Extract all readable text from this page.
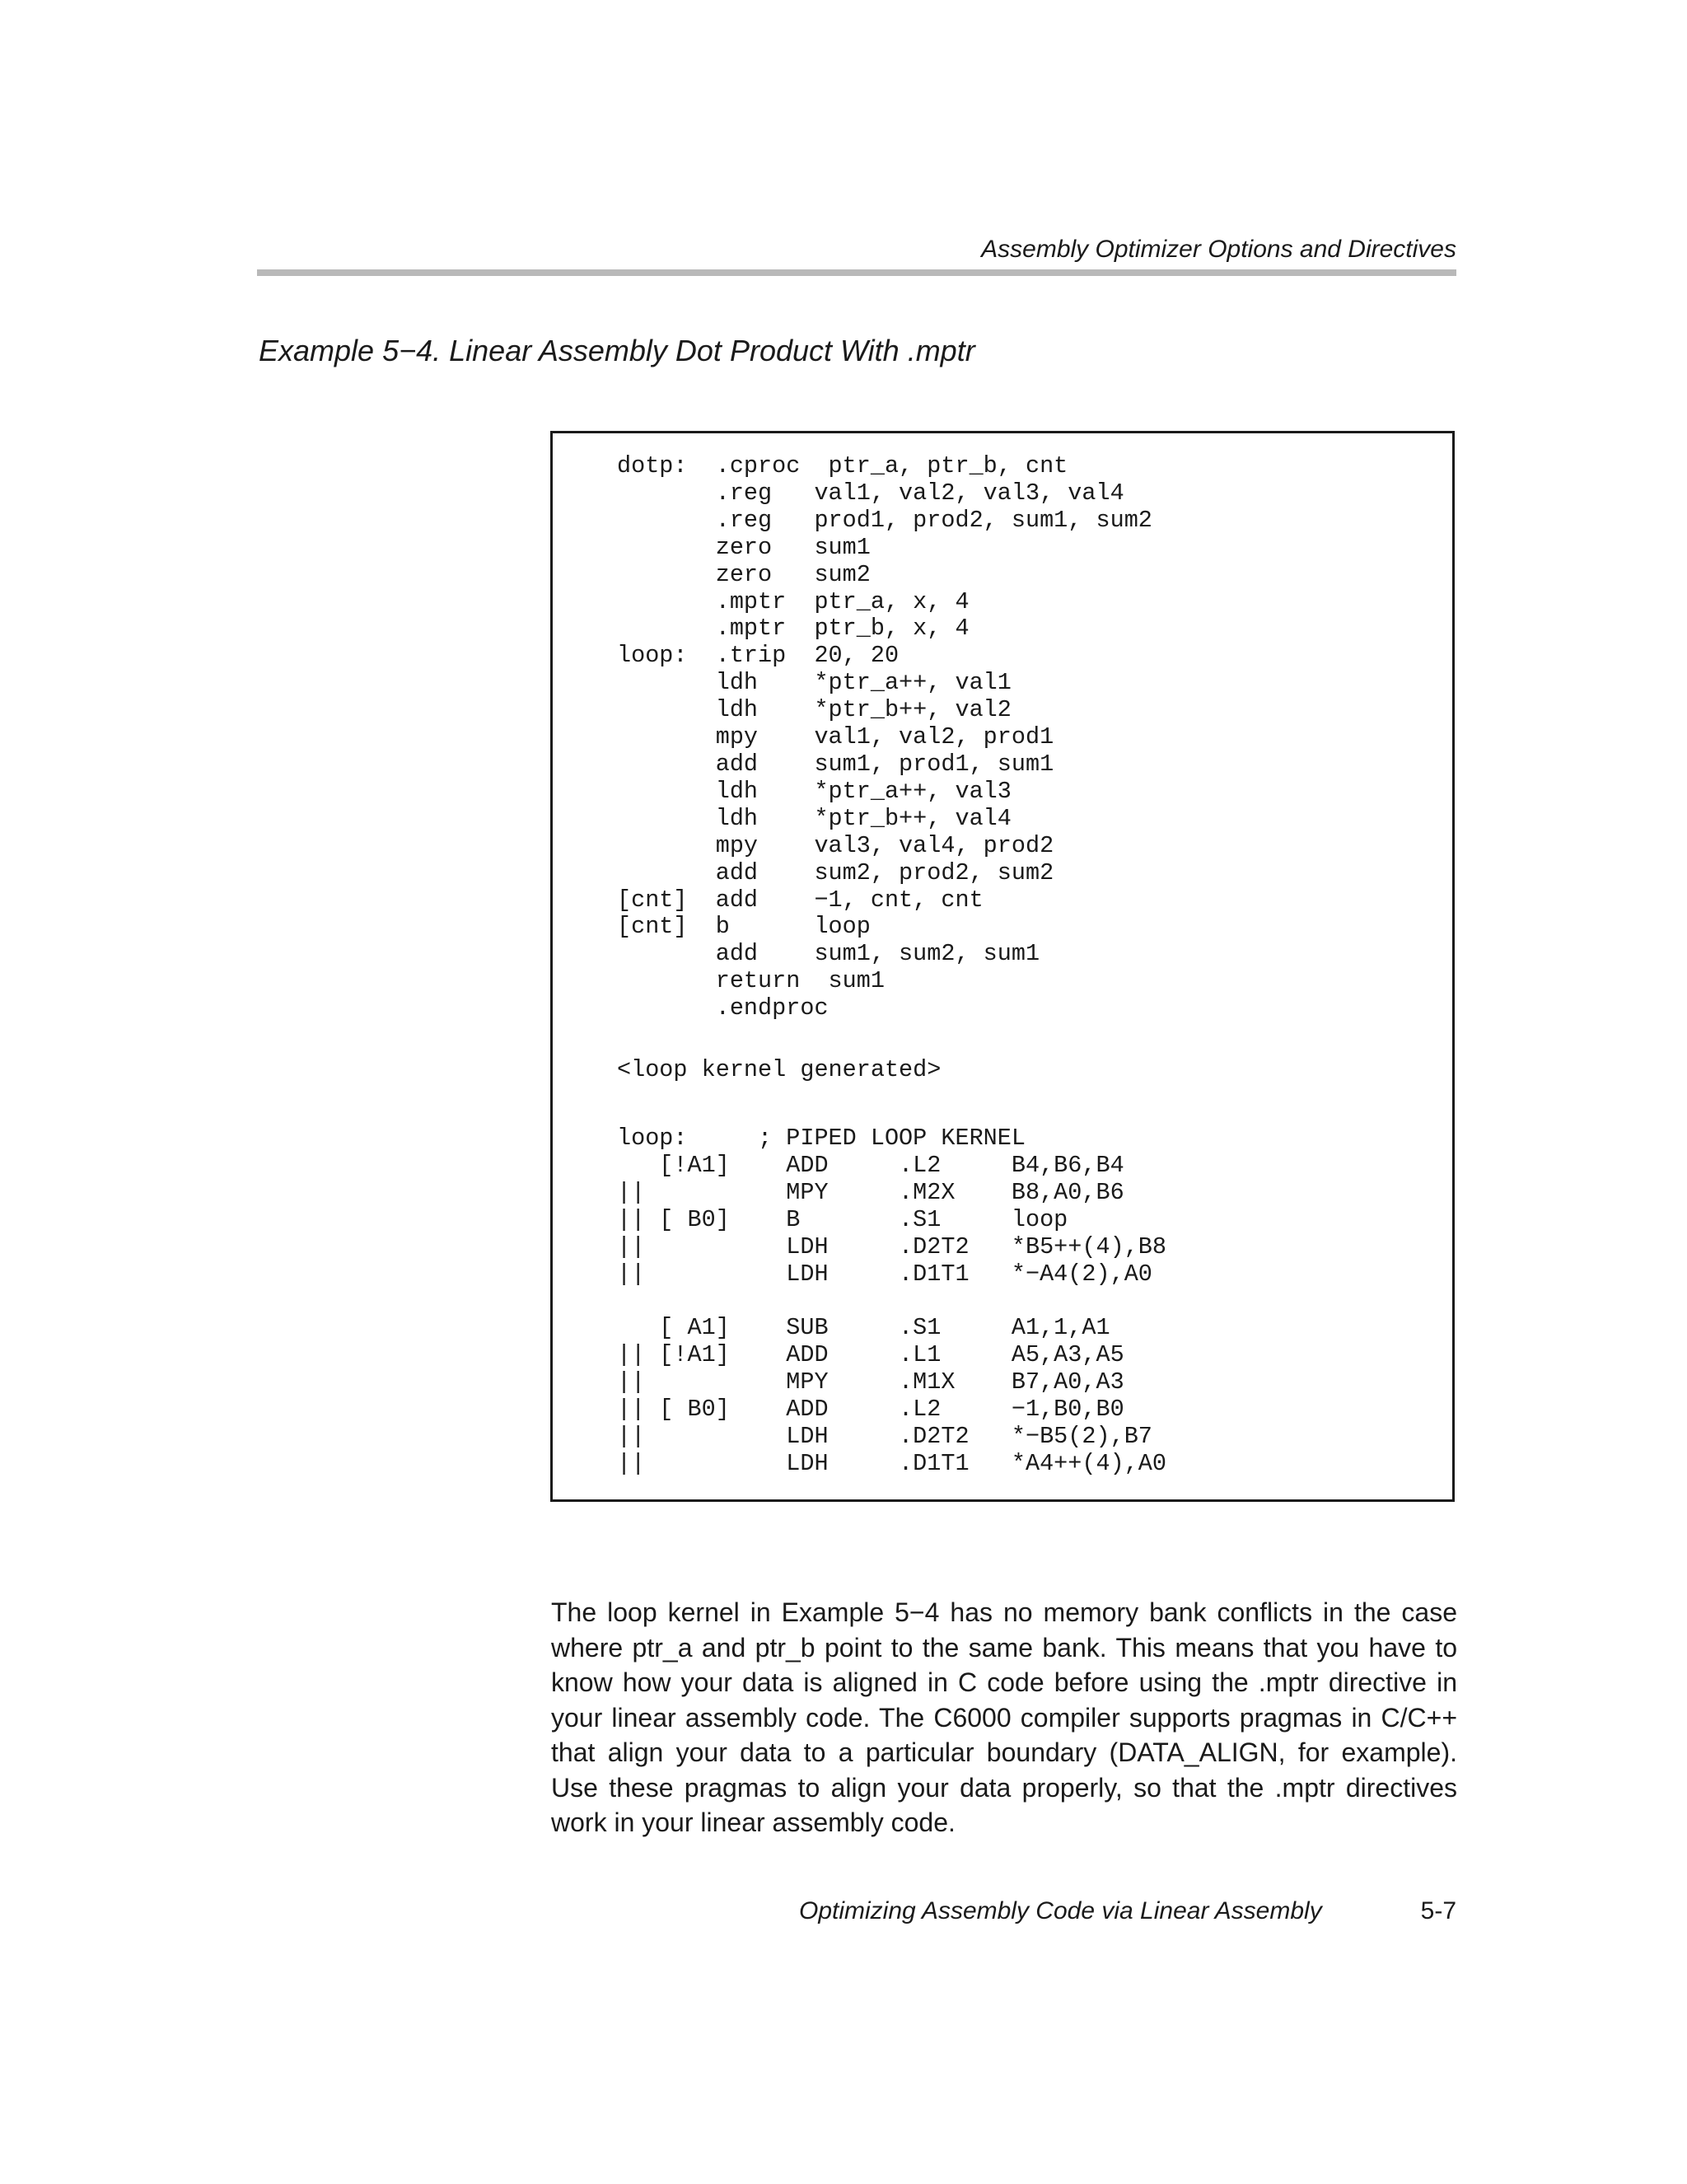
Assembly Optimizer Options and Directives
Example 5−4. Linear Assembly Dot Product With .mptr
dotp:  .cproc  ptr_a, ptr_b, cnt
.reg   val1, val2, val3, val4
.reg   prod1, prod2, sum1, sum2
zero   sum1
zero   sum2
.mptr  ptr_a, x, 4
.mptr  ptr_b, x, 4
loop:  .trip  20, 20
ldh    *ptr_a++, val1
ldh    *ptr_b++, val2
mpy    val1, val2, prod1
add    sum1, prod1, sum1
ldh    *ptr_a++, val3
ldh    *ptr_b++, val4
mpy    val3, val4, prod2
add    sum2, prod2, sum2
[cnt]  add    −1, cnt, cnt
[cnt]  b      loop
add    sum1, sum2, sum1
return  sum1
.endproc
<loop kernel generated>
loop:     ; PIPED LOOP KERNEL
[!A1]    ADD     .L2     B4,B6,B4
||          MPY     .M2X    B8,A0,B6
|| [ B0]    B       .S1     loop
||          LDH     .D2T2   *B5++(4),B8
||          LDH     .D1T1   *−A4(2),A0

[ A1]    SUB     .S1     A1,1,A1
|| [!A1]    ADD     .L1     A5,A3,A5
||          MPY     .M1X    B7,A0,A3
|| [ B0]    ADD     .L2     −1,B0,B0
||          LDH     .D2T2   *−B5(2),B7
||          LDH     .D1T1   *A4++(4),A0

The loop kernel in Example 5−4 has no memory bank conflicts in the case where ptr_a and ptr_b point to the same bank. This means that you have to know how your data is aligned in C code before using the .mptr directive in your linear assembly code. The C6000 compiler supports pragmas in C/C++ that align your data to a particular boundary (DATA_ALIGN, for example). Use these pragmas to align your data properly, so that the .mptr directives work in your linear assembly code.

Optimizing Assembly Code via Linear Assembly	5-7
